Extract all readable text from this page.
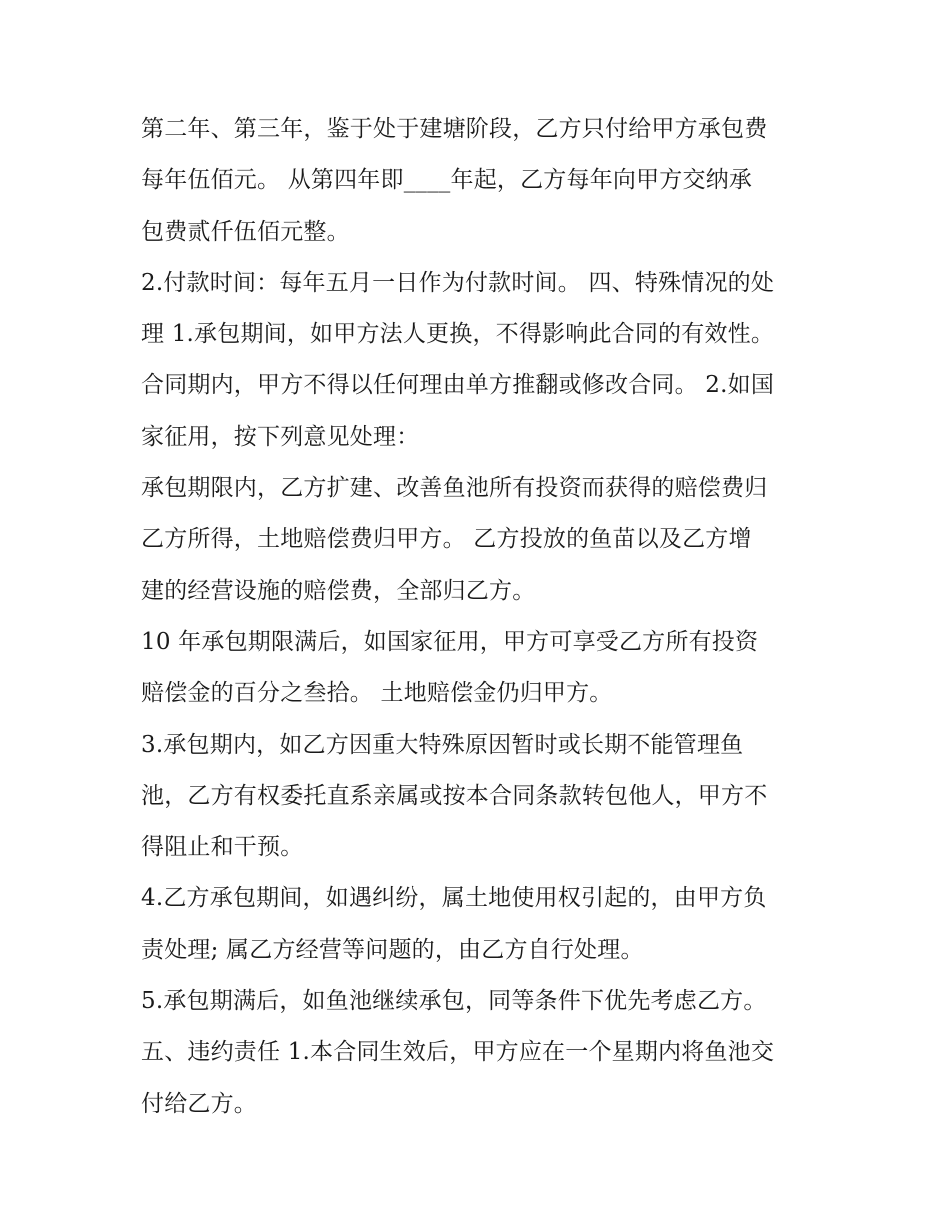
第二年、第三年，鉴于处于建塘阶段，乙方只付给甲方承包费
每年伍佰元。 从第四年即____年起，乙方每年向甲方交纳承
包费贰仟伍佰元整。
2.付款时间：每年五月一日作为付款时间。 四、特殊情况的处
理 1.承包期间，如甲方法人更换，不得影响此合同的有效性。
合同期内，甲方不得以任何理由单方推翻或修改合同。 2.如国
家征用，按下列意见处理：
承包期限内，乙方扩建、改善鱼池所有投资而获得的赔偿费归
乙方所得，土地赔偿费归甲方。 乙方投放的鱼苗以及乙方增
建的经营设施的赔偿费，全部归乙方。
10 年承包期限满后，如国家征用，甲方可享受乙方所有投资
赔偿金的百分之叁拾。 土地赔偿金仍归甲方。
3.承包期内，如乙方因重大特殊原因暂时或长期不能管理鱼
池，乙方有权委托直系亲属或按本合同条款转包他人，甲方不
得阻止和干预。
4.乙方承包期间，如遇纠纷，属土地使用权引起的，由甲方负
责处理; 属乙方经营等问题的，由乙方自行处理。
5.承包期满后，如鱼池继续承包，同等条件下优先考虑乙方。
五、违约责任 1.本合同生效后，甲方应在一个星期内将鱼池交
付给乙方。
